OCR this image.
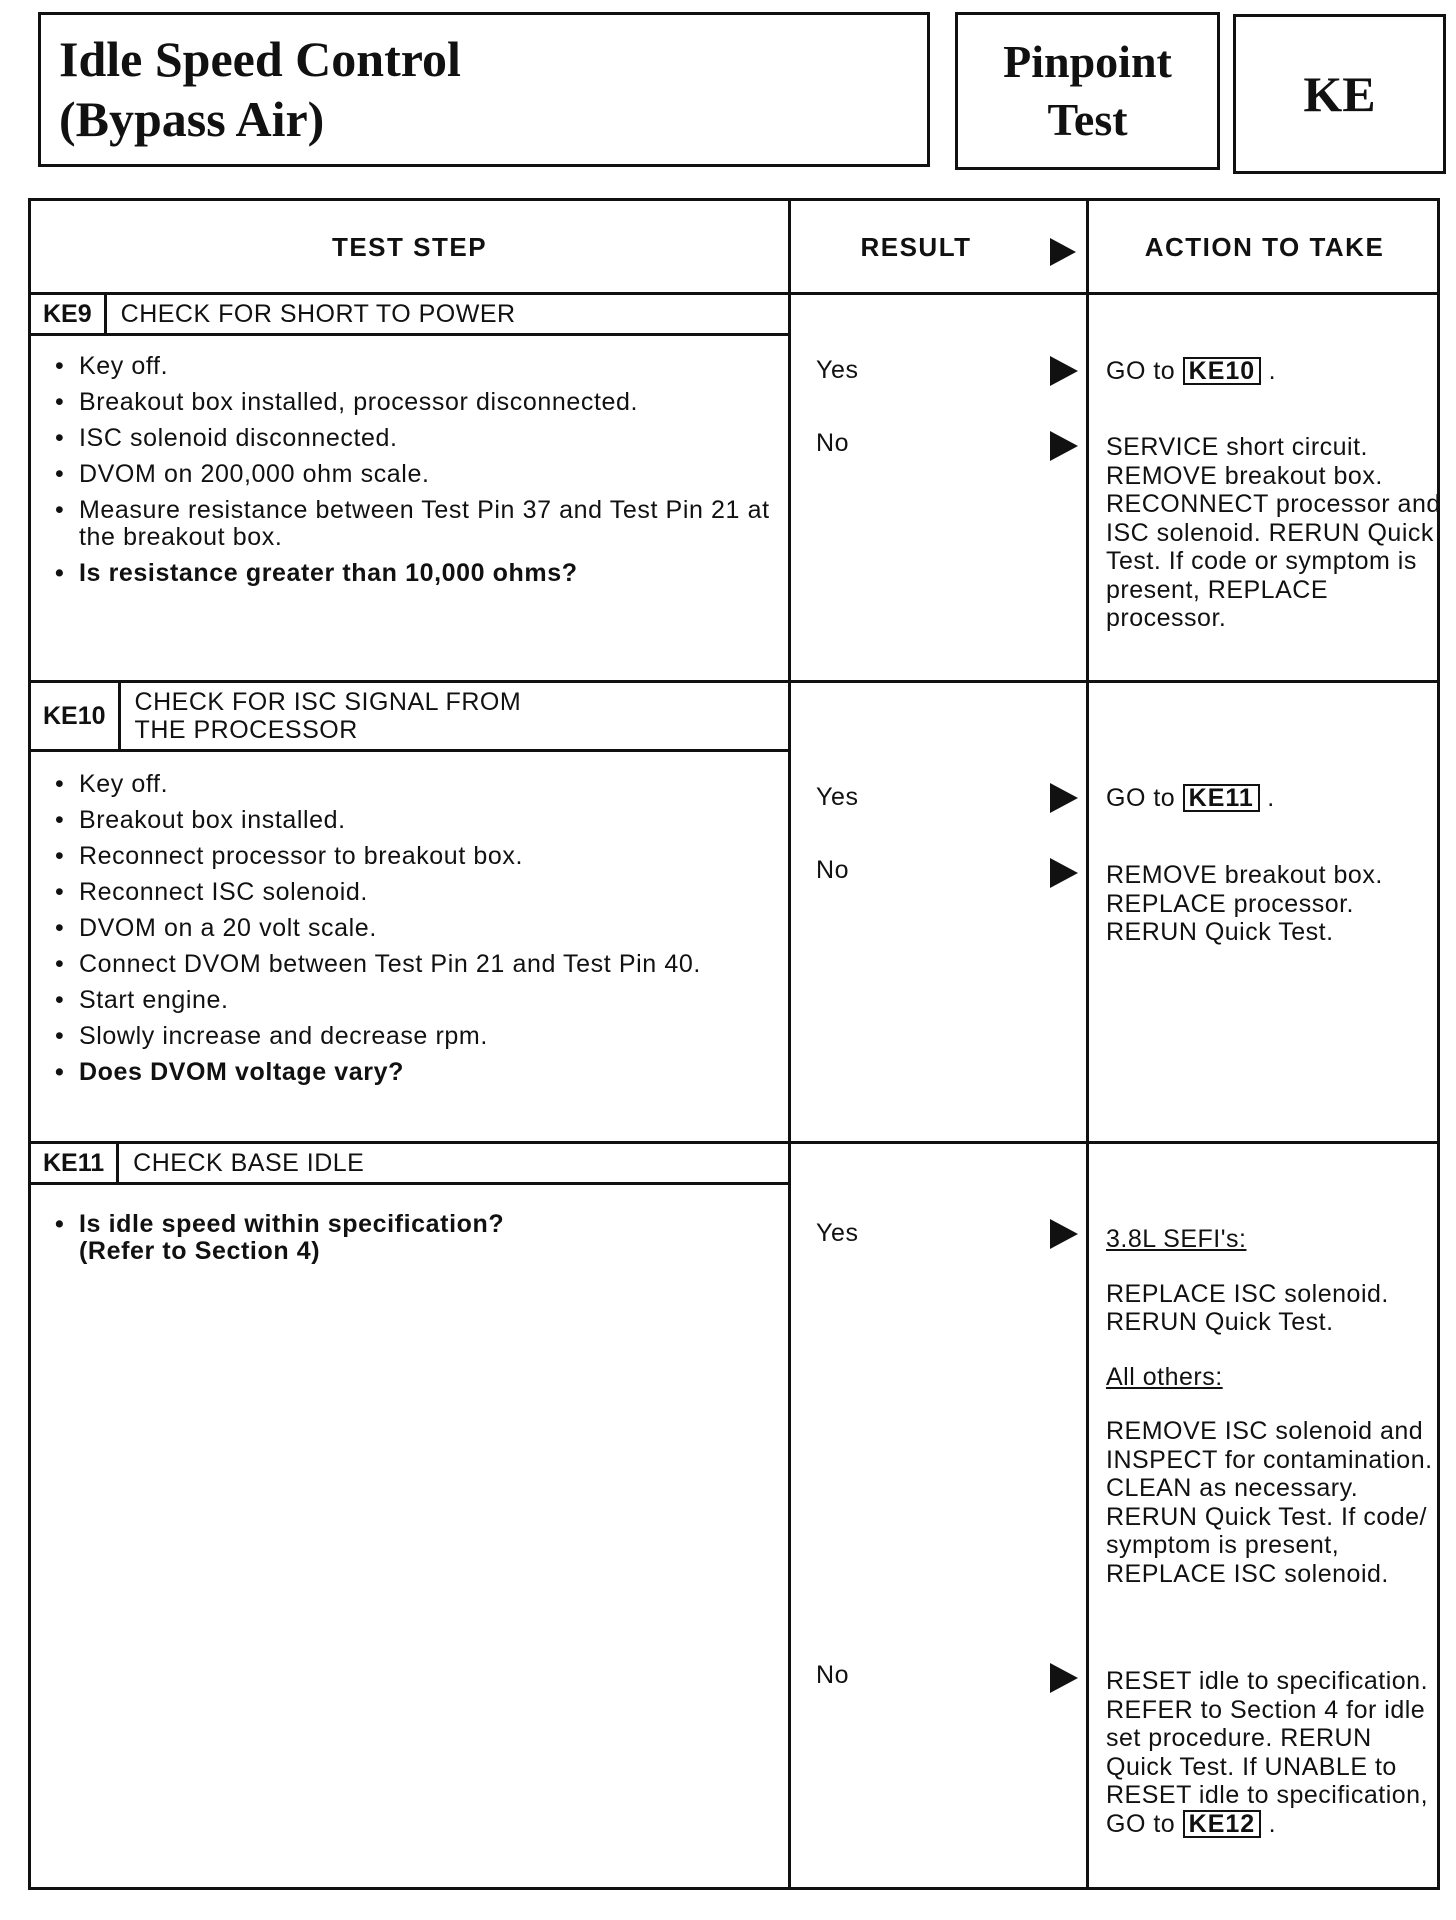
Idle Speed Control
(Bypass Air)
Pinpoint
Test	KE
TEST STEP	RESULT	ACTION TO TAKE
KE9	CHECK FOR SHORT TO POWER
• Key off.
• Breakout box installed, processor disconnected.
• ISC solenoid disconnected.
• DVOM on 200,000 ohm scale.
• Measure resistance between Test Pin 37 and Test Pin 21 at the breakout box.
• Is resistance greater than 10,000 ohms?
Yes	GO to KE10 .
No	SERVICE short circuit. REMOVE breakout box. RECONNECT processor and ISC solenoid. RERUN Quick Test. If code or symptom is present, REPLACE processor.
KE10	CHECK FOR ISC SIGNAL FROM THE PROCESSOR
• Key off.
• Breakout box installed.
• Reconnect processor to breakout box.
• Reconnect ISC solenoid.
• DVOM on a 20 volt scale.
• Connect DVOM between Test Pin 21 and Test Pin 40.
• Start engine.
• Slowly increase and decrease rpm.
• Does DVOM voltage vary?
Yes	GO to KE11 .
No	REMOVE breakout box. REPLACE processor. RERUN Quick Test.
KE11	CHECK BASE IDLE
• Is idle speed within specification? (Refer to Section 4)
Yes	3.8L SEFI's:
REPLACE ISC solenoid. RERUN Quick Test.
All others:
REMOVE ISC solenoid and INSPECT for contamination. CLEAN as necessary. RERUN Quick Test. If code/ symptom is present, REPLACE ISC solenoid.
No	RESET idle to specification. REFER to Section 4 for idle set procedure. RERUN Quick Test. If UNABLE to RESET idle to specification, GO to KE12 .
